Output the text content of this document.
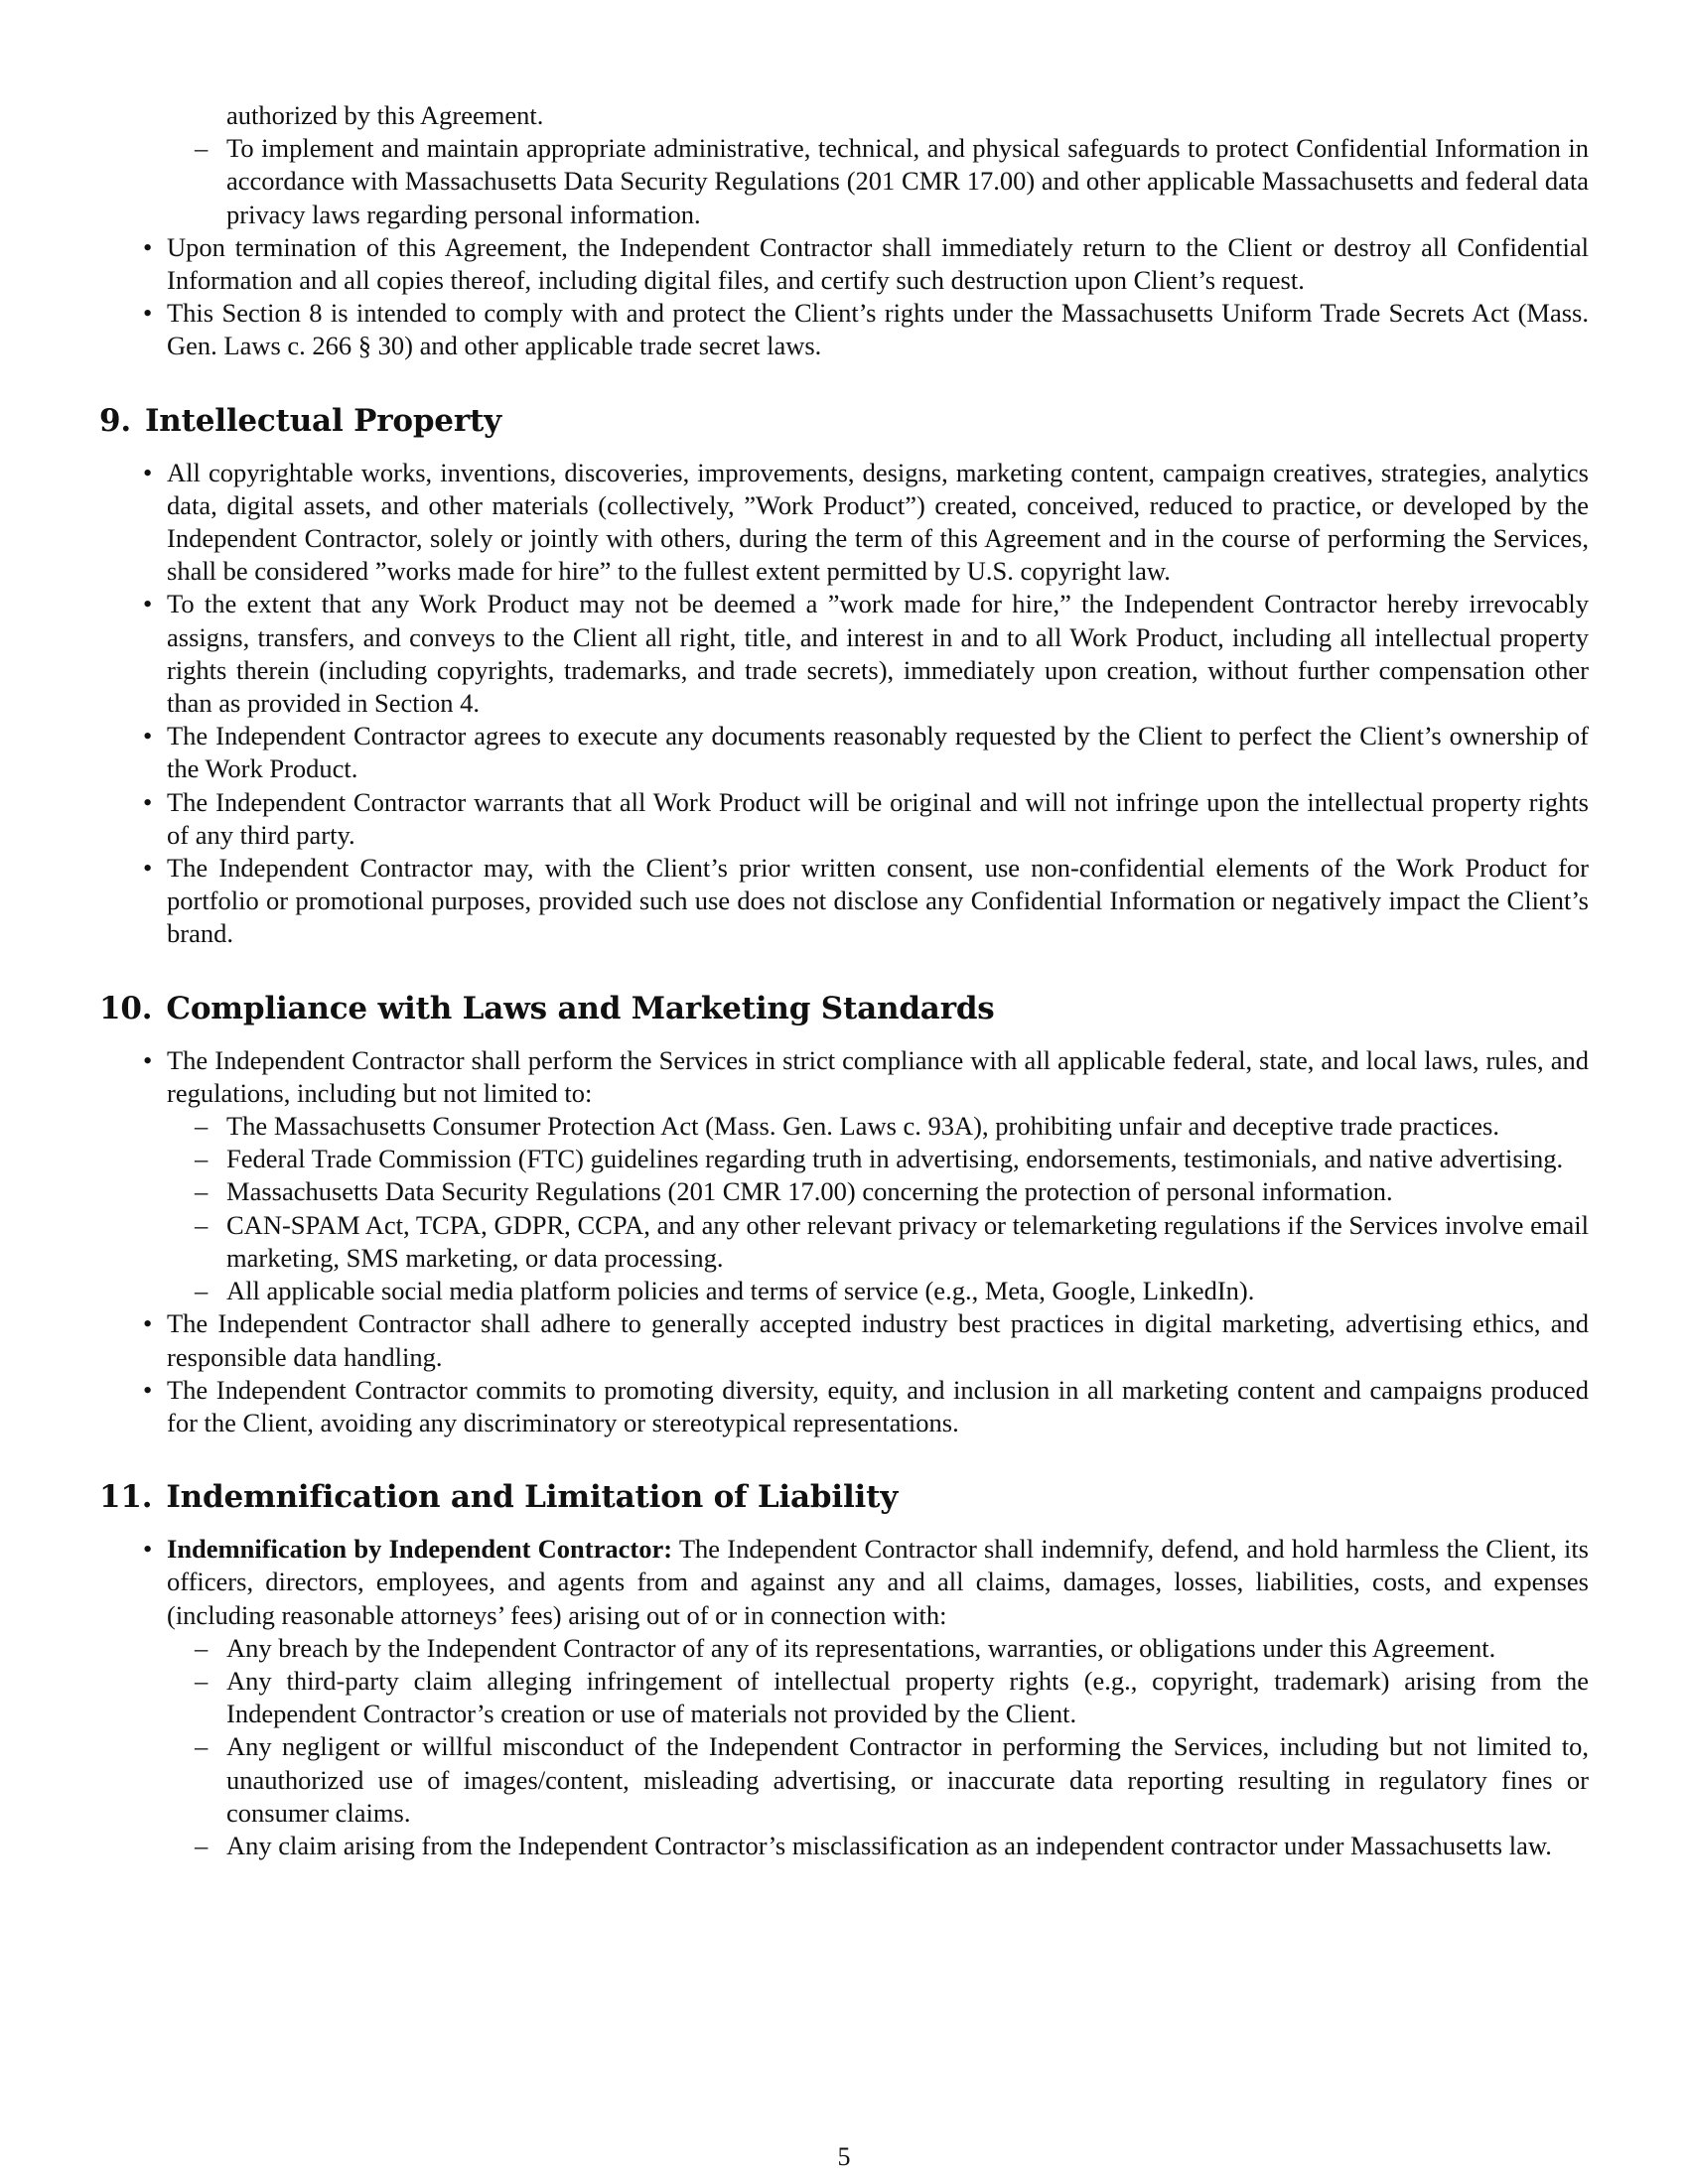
authorized by this Agreement.
– To implement and maintain appropriate administrative, technical, and physical safeguards to protect Confidential Information in accordance with Massachusetts Data Security Regulations (201 CMR 17.00) and other applicable Massachusetts and federal data privacy laws regarding personal information.
• Upon termination of this Agreement, the Independent Contractor shall immediately return to the Client or destroy all Confidential Information and all copies thereof, including digital files, and certify such destruction upon Client’s request.
• This Section 8 is intended to comply with and protect the Client’s rights under the Massachusetts Uniform Trade Secrets Act (Mass. Gen. Laws c. 266 § 30) and other applicable trade secret laws.
9. Intellectual Property
• All copyrightable works, inventions, discoveries, improvements, designs, marketing content, campaign creatives, strategies, analytics data, digital assets, and other materials (collectively, ”Work Product”) created, conceived, reduced to practice, or developed by the Independent Contractor, solely or jointly with others, during the term of this Agreement and in the course of performing the Services, shall be considered ”works made for hire” to the fullest extent permitted by U.S. copyright law.
• To the extent that any Work Product may not be deemed a ”work made for hire,” the Independent Contractor hereby irrevocably assigns, transfers, and conveys to the Client all right, title, and interest in and to all Work Product, including all intellectual property rights therein (including copyrights, trademarks, and trade secrets), immediately upon creation, without further compensation other than as provided in Section 4.
• The Independent Contractor agrees to execute any documents reasonably requested by the Client to perfect the Client’s ownership of the Work Product.
• The Independent Contractor warrants that all Work Product will be original and will not infringe upon the intellectual property rights of any third party.
• The Independent Contractor may, with the Client’s prior written consent, use non-confidential elements of the Work Product for portfolio or promotional purposes, provided such use does not disclose any Confidential Information or negatively impact the Client’s brand.
10. Compliance with Laws and Marketing Standards
• The Independent Contractor shall perform the Services in strict compliance with all applicable federal, state, and local laws, rules, and regulations, including but not limited to:
– The Massachusetts Consumer Protection Act (Mass. Gen. Laws c. 93A), prohibiting unfair and deceptive trade practices.
– Federal Trade Commission (FTC) guidelines regarding truth in advertising, endorsements, testimonials, and native advertising.
– Massachusetts Data Security Regulations (201 CMR 17.00) concerning the protection of personal information.
– CAN-SPAM Act, TCPA, GDPR, CCPA, and any other relevant privacy or telemarketing regulations if the Services involve email marketing, SMS marketing, or data processing.
– All applicable social media platform policies and terms of service (e.g., Meta, Google, LinkedIn).
• The Independent Contractor shall adhere to generally accepted industry best practices in digital marketing, advertising ethics, and responsible data handling.
• The Independent Contractor commits to promoting diversity, equity, and inclusion in all marketing content and campaigns produced for the Client, avoiding any discriminatory or stereotypical representations.
11. Indemnification and Limitation of Liability
• Indemnification by Independent Contractor: The Independent Contractor shall indemnify, defend, and hold harmless the Client, its officers, directors, employees, and agents from and against any and all claims, damages, losses, liabilities, costs, and expenses (including reasonable attorneys’ fees) arising out of or in connection with:
– Any breach by the Independent Contractor of any of its representations, warranties, or obligations under this Agreement.
– Any third-party claim alleging infringement of intellectual property rights (e.g., copyright, trademark) arising from the Independent Contractor’s creation or use of materials not provided by the Client.
– Any negligent or willful misconduct of the Independent Contractor in performing the Services, including but not limited to, unauthorized use of images/content, misleading advertising, or inaccurate data reporting resulting in regulatory fines or consumer claims.
– Any claim arising from the Independent Contractor’s misclassification as an independent contractor under Massachusetts law.
5
